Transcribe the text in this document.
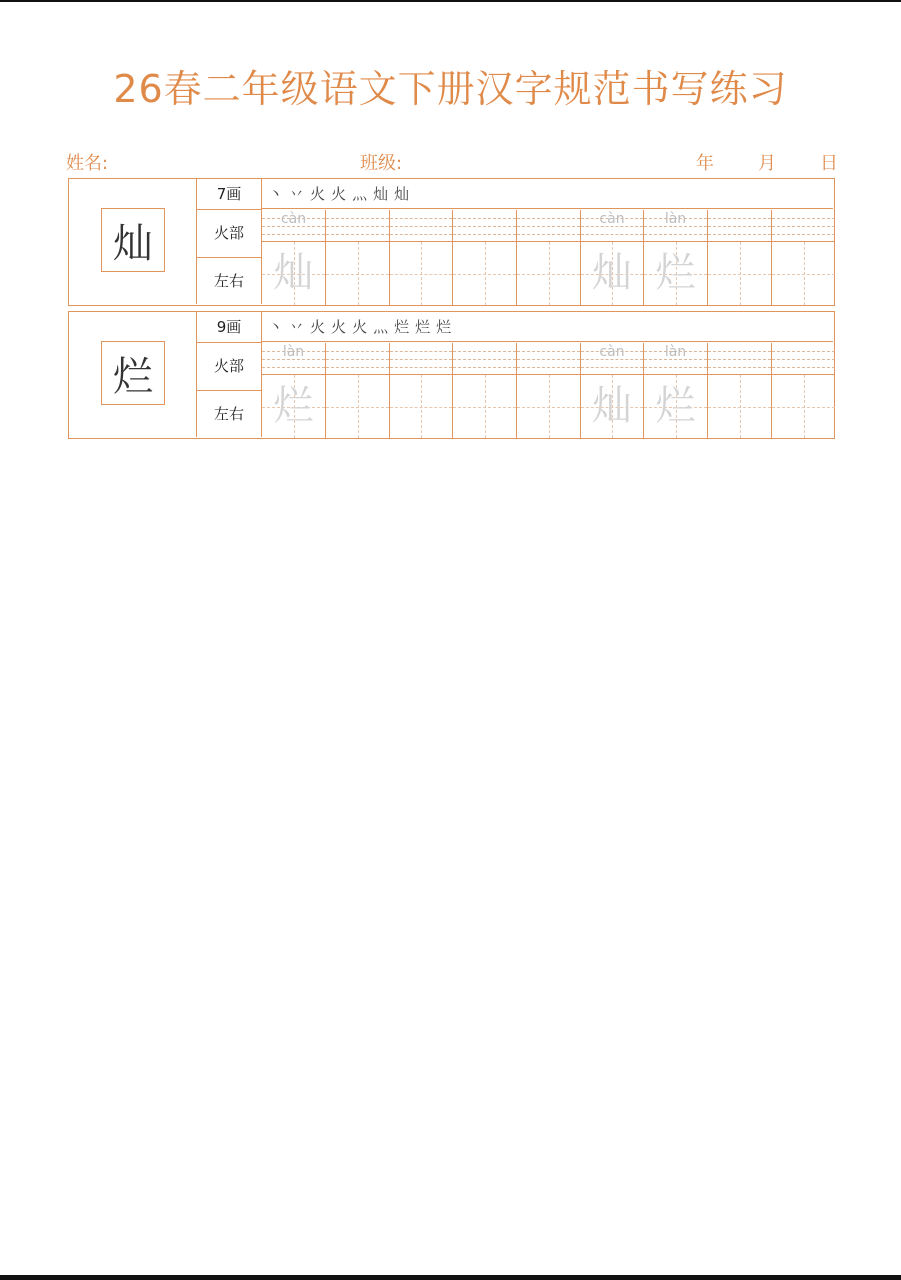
26春二年级语文下册汉字规范书写练习
姓名:	班级:	年 月 日
灿
7画
火部
左右
丶 丷 火 火 灬 灿 灿
càn
灿
càn
灿
làn
烂
烂
9画
火部
左右
丶 丷 火 火 火 灬 烂 烂 烂
làn
烂
càn
灿
làn
烂
